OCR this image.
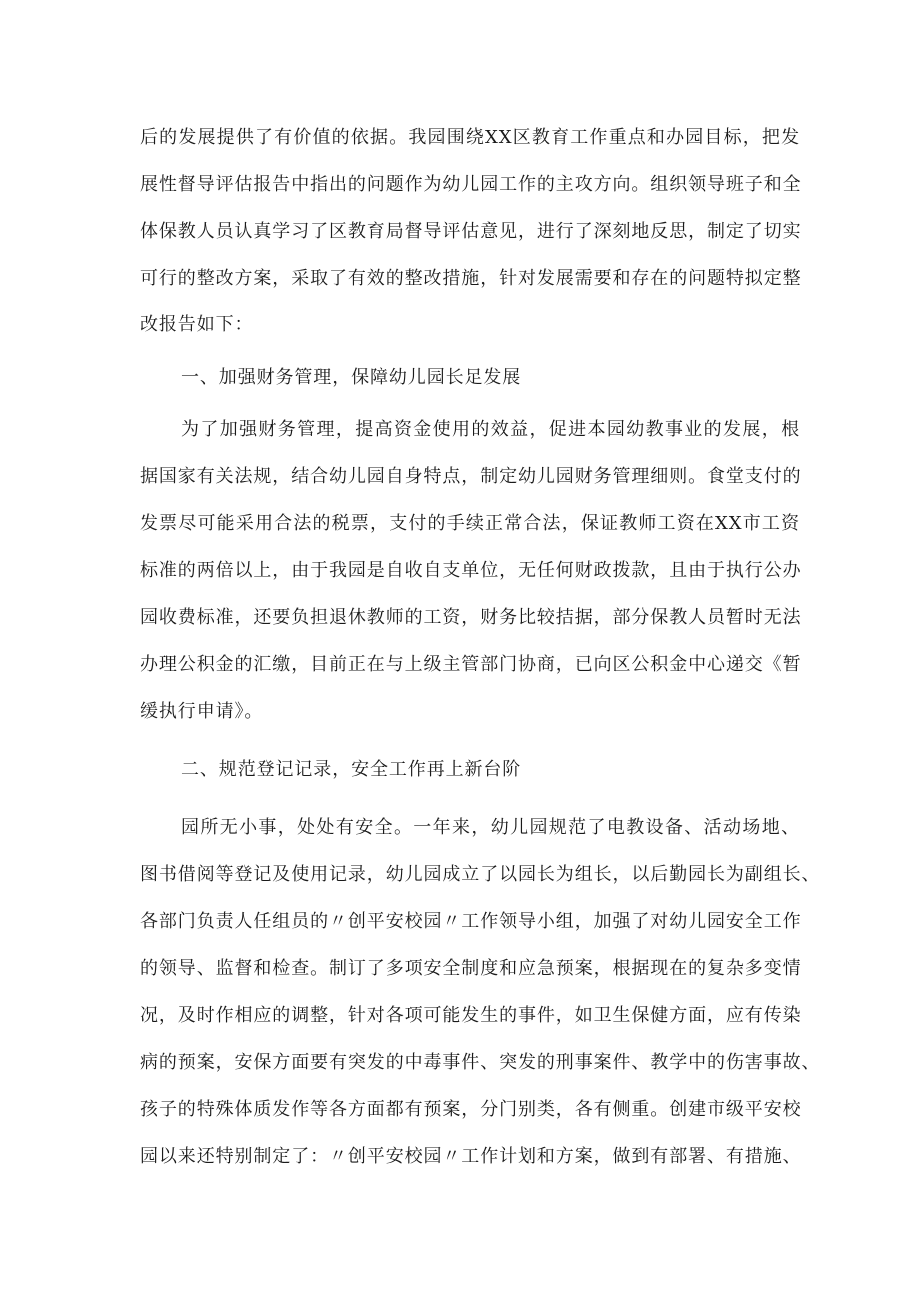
后的发展提供了有价值的依据。我园围绕XX区教育工作重点和办园目标，把发
展性督导评估报告中指出的问题作为幼儿园工作的主攻方向。组织领导班子和全
体保教人员认真学习了区教育局督导评估意见，进行了深刻地反思，制定了切实
可行的整改方案，采取了有效的整改措施，针对发展需要和存在的问题特拟定整
改报告如下：
一、加强财务管理，保障幼儿园长足发展
为了加强财务管理，提高资金使用的效益，促进本园幼教事业的发展，根
据国家有关法规，结合幼儿园自身特点，制定幼儿园财务管理细则。食堂支付的
发票尽可能采用合法的税票，支付的手续正常合法，保证教师工资在XX市工资
标准的两倍以上，由于我园是自收自支单位，无任何财政拨款，且由于执行公办
园收费标准，还要负担退休教师的工资，财务比较拮据，部分保教人员暂时无法
办理公积金的汇缴，目前正在与上级主管部门协商，已向区公积金中心递交《暂
缓执行申请》。
二、规范登记记录，安全工作再上新台阶
园所无小事，处处有安全。一年来，幼儿园规范了电教设备、活动场地、
图书借阅等登记及使用记录，幼儿园成立了以园长为组长，以后勤园长为副组长、
各部门负责人任组员的〃创平安校园〃工作领导小组，加强了对幼儿园安全工作
的领导、监督和检查。制订了多项安全制度和应急预案，根据现在的复杂多变情
况，及时作相应的调整，针对各项可能发生的事件，如卫生保健方面，应有传染
病的预案，安保方面要有突发的中毒事件、突发的刑事案件、教学中的伤害事故、
孩子的特殊体质发作等各方面都有预案，分门别类，各有侧重。创建市级平安校
园以来还特别制定了：〃创平安校园〃工作计划和方案，做到有部署、有措施、
